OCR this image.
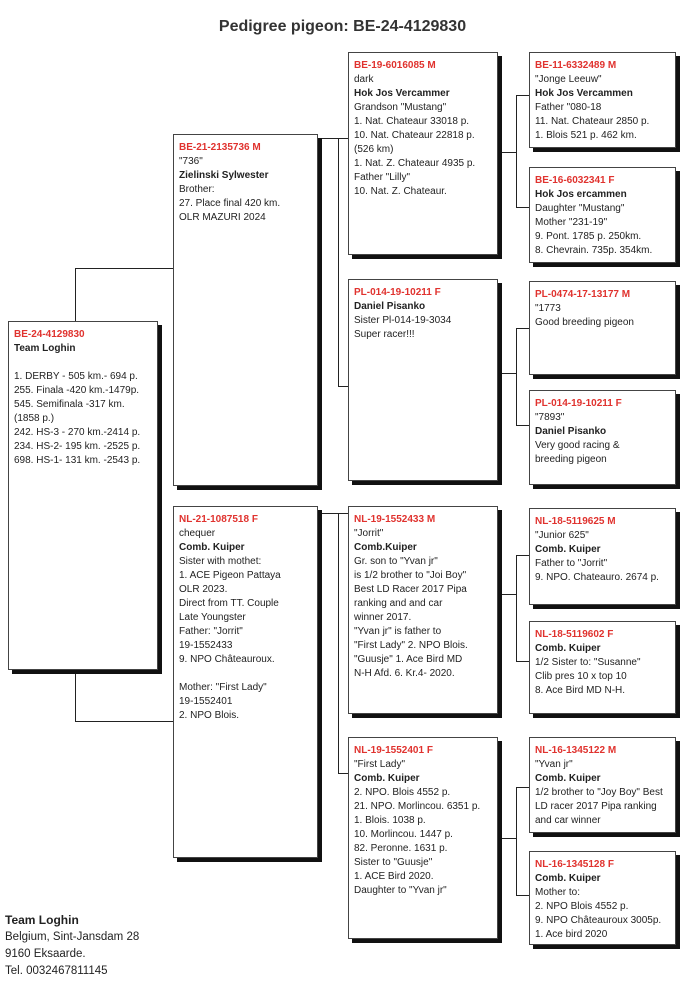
Pedigree pigeon: BE-24-4129830
BE-24-4129830
Team Loghin
1. DERBY - 505 km.- 694 p.
255. Finala -420 km.-1479p.
545. Semifinala -317 km.
(1858 p.)
242. HS-3 - 270 km.-2414 p.
234. HS-2- 195 km. -2525 p.
698. HS-1- 131 km. -2543 p.
BE-21-2135736 M
"736"
Zielinski Sylwester
Brother:
27. Place final 420 km.
OLR MAZURI 2024
NL-21-1087518 F
chequer
Comb. Kuiper
Sister with mothet:
1. ACE Pigeon Pattaya
OLR 2023.
Direct from TT. Couple
Late Youngster
Father: "Jorrit"
19-1552433
9. NPO Châteauroux.

Mother: "First Lady"
19-1552401
2. NPO Blois.
BE-19-6016085 M
dark
Hok Jos Vercammer
Grandson "Mustang"
1. Nat. Chateaur 33018 p.
10. Nat. Chateaur 22818 p.
(526 km)
1. Nat. Z. Chateaur 4935 p.
Father "Lilly"
10. Nat. Z. Chateaur.
PL-014-19-10211 F
Daniel Pisanko
Sister Pl-014-19-3034
Super racer!!!
NL-19-1552433 M
"Jorrit"
Comb.Kuiper
Gr. son to "Yvan jr"
is 1/2 brother to "Joi Boy"
Best LD Racer 2017 Pipa
ranking and and car
winner 2017.
"Yvan jr" is father to
"First Lady" 2. NPO Blois.
"Guusje" 1. Ace Bird MD
N-H Afd. 6. Kr.4- 2020.
NL-19-1552401 F
"First Lady"
Comb. Kuiper
2. NPO. Blois 4552 p.
21. NPO. Morlincou. 6351 p.
1. Blois. 1038 p.
10. Morlincou. 1447 p.
82. Peronne. 1631 p.
Sister to "Guusje"
1. ACE Bird 2020.
Daughter to "Yvan jr"
BE-11-6332489 M
"Jonge Leeuw"
Hok Jos Vercammen
Father "080-18
11. Nat. Chateaur 2850 p.
1. Blois 521 p. 462 km.
BE-16-6032341 F
Hok Jos ercammen
Daughter "Mustang"
Mother "231-19"
9. Pont. 1785 p. 250km.
8. Chevrain. 735p. 354km.
PL-0474-17-13177 M
"1773
Good breeding pigeon
PL-014-19-10211 F
"7893"
Daniel Pisanko
Very good racing &
breeding pigeon
NL-18-5119625 M
"Junior 625"
Comb. Kuiper
Father to "Jorrit"
9. NPO. Chateauro. 2674 p.
NL-18-5119602 F
Comb. Kuiper
1/2 Sister to: "Susanne"
Clib pres 10 x top 10
8. Ace Bird MD N-H.
NL-16-1345122 M
"Yvan jr"
Comb. Kuiper
1/2 brother to "Joy Boy" Best
LD racer 2017 Pipa ranking
and car winner
NL-16-1345128 F
Comb. Kuiper
Mother to:
2. NPO Blois 4552 p.
9. NPO Châteauroux 3005p.
1. Ace bird 2020
Team Loghin
Belgium, Sint-Jansdam 28
9160 Eksaarde.
Tel. 0032467811145
